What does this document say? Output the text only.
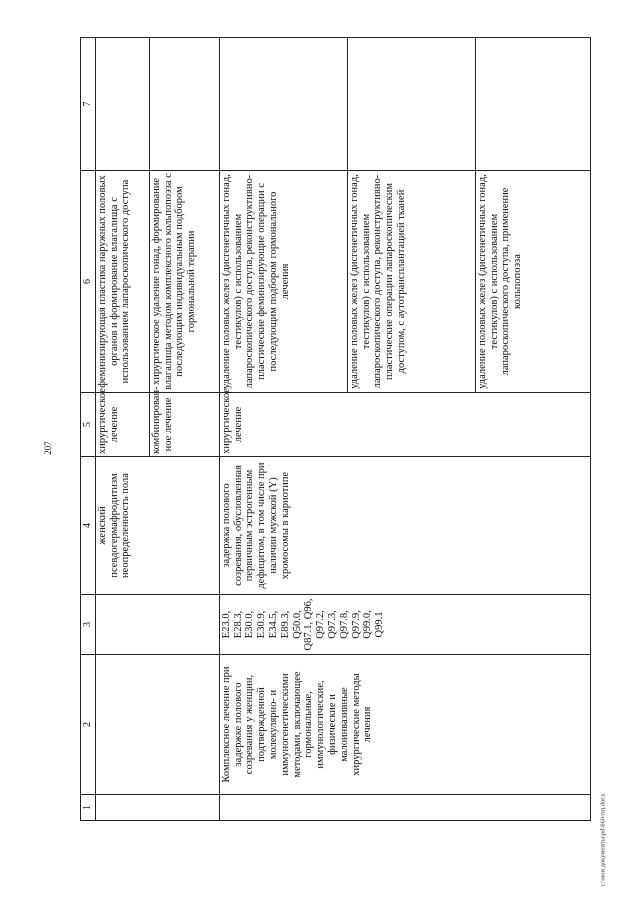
207
c:\мои документы\pd\660-пп.docx
1	2	3	4	5	6	7
			женский псевдогермафродитизм неопределенность пола	хирургическое лечение	феминизирующая пластика наружных половых органов и формирование влагалища с использованием лапароскопического доступа	
				комбинирован-ное лечение	хирургическое удаление гонад, формирование влагалища методом комплексного кольпопоэза с последующим индивидуальным подбором гормональной терапии	
	Комплексное лечение при задержке полового созревания у женщин, подтвержденной молекулярно- и иммуногенетическими методами, включающее гормональные, иммунологические, физические и малоинвазивные хирургические методы лечения	E23.0, E28.3, E30.0, E30.9, E34.5, E89.3, Q50.0, Q87.1, Q96, Q97.2, Q97.3, Q97.8, Q97.9, Q99.0, Q99.1	задержка полового созревания, обусловленная первичным эстрогенным дефицитом, в том числе при наличии мужской (Y) хромосомы в кариотипе	хирургическое лечение	удаление половых желез (дисгенетичных гонад, тестикулов) с использованием лапароскопического доступа, реконструктивно-пластические феминизирующие операции с последующим подбором гормонального лечения	
					удаление половых желез (дисгенетичных гонад, тестикулов) с использованием лапароскопического доступа, реконструктивно-пластические операции лапароскопическим доступом, с аутотрансплантацией тканей	
					удаление половых желез (дисгенетичных гонад, тестикулов) с использованием лапароскопического доступа, применение кольпопоэза	
